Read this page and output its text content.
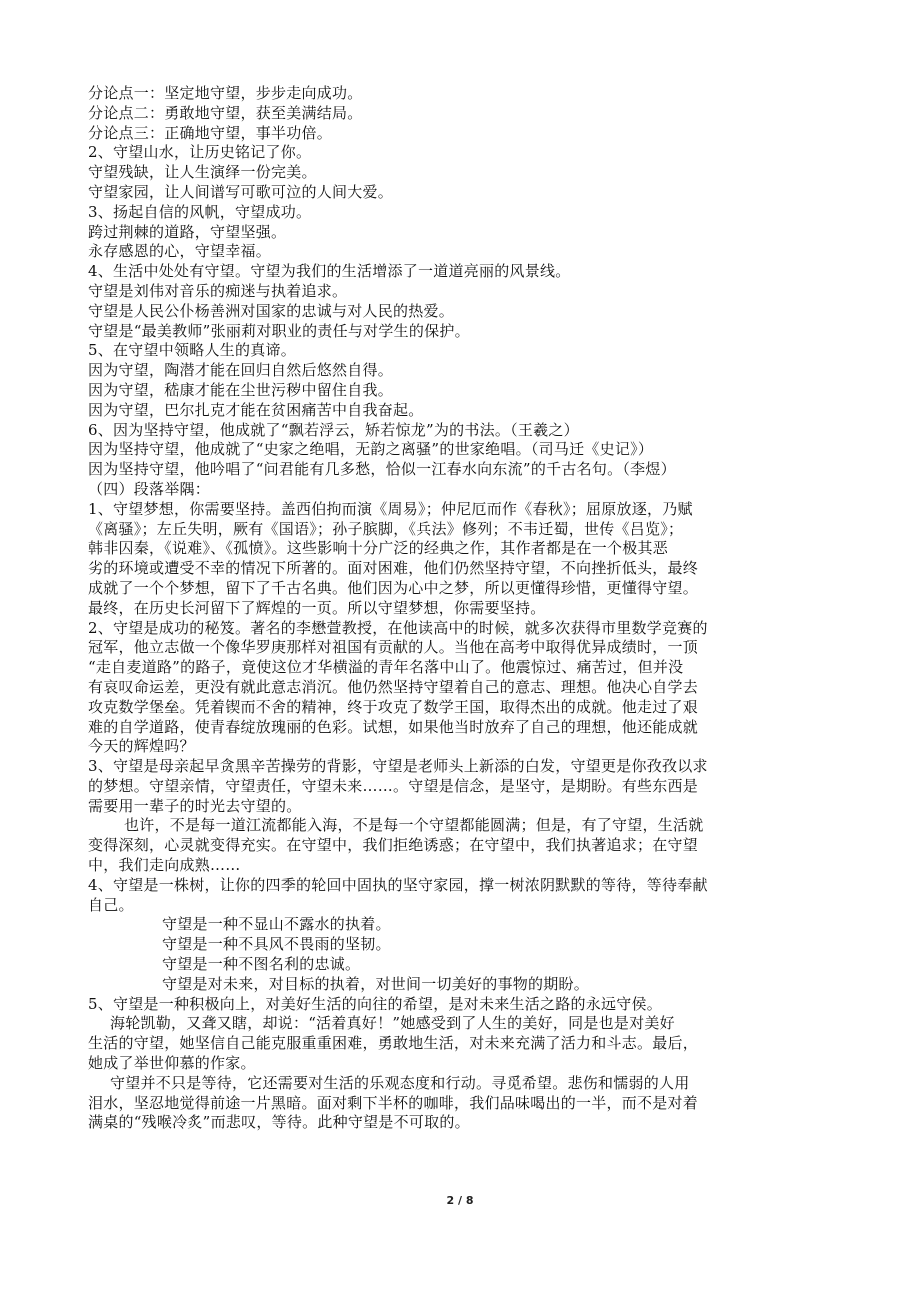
分论点一：坚定地守望，步步走向成功。
分论点二：勇敢地守望，获至美满结局。
分论点三：正确地守望，事半功倍。
2、守望山水，让历史铭记了你。
守望残缺，让人生演绎一份完美。
守望家园，让人间谱写可歌可泣的人间大爱。
3、扬起自信的风帆，守望成功。
跨过荆棘的道路，守望坚强。
永存感恩的心，守望幸福。
4、生活中处处有守望。守望为我们的生活增添了一道道亮丽的风景线。
守望是刘伟对音乐的痴迷与执着追求。
守望是人民公仆杨善洲对国家的忠诚与对人民的热爱。
守望是“最美教师”张丽莉对职业的责任与对学生的保护。
5、在守望中领略人生的真谛。
因为守望，陶潜才能在回归自然后悠然自得。
因为守望，嵇康才能在尘世污秽中留住自我。
因为守望，巴尔扎克才能在贫困痛苦中自我奋起。
6、因为坚持守望，他成就了“飘若浮云，矫若惊龙”为的书法。（王羲之）
因为坚持守望，他成就了“史家之绝唱，无韵之离骚”的世家绝唱。（司马迁《史记》）
因为坚持守望，他吟唱了“问君能有几多愁，恰似一江春水向东流”的千古名句。（李煜）
（四）段落举隅：
1、守望梦想，你需要坚持。盖西伯拘而演《周易》；仲尼厄而作《春秋》；屈原放逐，乃赋
《离骚》；左丘失明，厥有《国语》；孙子膑脚，《兵法》修列；不韦迁蜀，世传《吕览》；
韩非囚秦，《说难》、《孤愤》。这些影响十分广泛的经典之作，其作者都是在一个极其恶
劣的环境或遭受不幸的情况下所著的。面对困难，他们仍然坚持守望，不向挫折低头，最终
成就了一个个梦想，留下了千古名典。他们因为心中之梦，所以更懂得珍惜，更懂得守望。
最终，在历史长河留下了辉煌的一页。所以守望梦想，你需要坚持。
2、守望是成功的秘笈。著名的李懋萱教授，在他读高中的时候，就多次获得市里数学竞赛的
冠军，他立志做一个像华罗庚那样对祖国有贡献的人。当他在高考中取得优异成绩时，一顶
“走自麦道路”的路子，竟使这位才华横溢的青年名落中山了。他震惊过、痛苦过，但并没
有哀叹命运差，更没有就此意志消沉。他仍然坚持守望着自己的意志、理想。他决心自学去
攻克数学堡垒。凭着锲而不舍的精神，终于攻克了数学王国，取得杰出的成就。他走过了艰
难的自学道路，使青春绽放瑰丽的色彩。试想，如果他当时放弃了自己的理想，他还能成就
今天的辉煌吗？
3、守望是母亲起早贪黑辛苦操劳的背影，守望是老师头上新添的白发，守望更是你孜孜以求
的梦想。守望亲情，守望责任，守望未来……。守望是信念，是坚守，是期盼。有些东西是
需要用一辈子的时光去守望的。
也许，不是每一道江流都能入海，不是每一个守望都能圆满；但是，有了守望，生活就
变得深刻，心灵就变得充实。在守望中，我们拒绝诱惑；在守望中，我们执著追求；在守望
中，我们走向成熟……
4、守望是一株树，让你的四季的轮回中固执的坚守家园，撑一树浓阴默默的等待，等待奉献
自己。
守望是一种不显山不露水的执着。
守望是一种不具风不畏雨的坚韧。
守望是一种不图名利的忠诚。
守望是对未来，对目标的执着，对世间一切美好的事物的期盼。
5、守望是一种积极向上，对美好生活的向往的希望，是对未来生活之路的永远守侯。
海轮凯勒，又聋又瞎，却说：“活着真好！”她感受到了人生的美好，同是也是对美好
生活的守望，她坚信自己能克服重重困难，勇敢地生活，对未来充满了活力和斗志。最后，
她成了举世仰慕的作家。
守望并不只是等待，它还需要对生活的乐观态度和行动。寻觅希望。悲伤和懦弱的人用
泪水，坚忍地觉得前途一片黑暗。面对剩下半杯的咖啡，我们品味喝出的一半，而不是对着
满桌的“残喉冷炙”而悲叹，等待。此种守望是不可取的。
2 / 8
